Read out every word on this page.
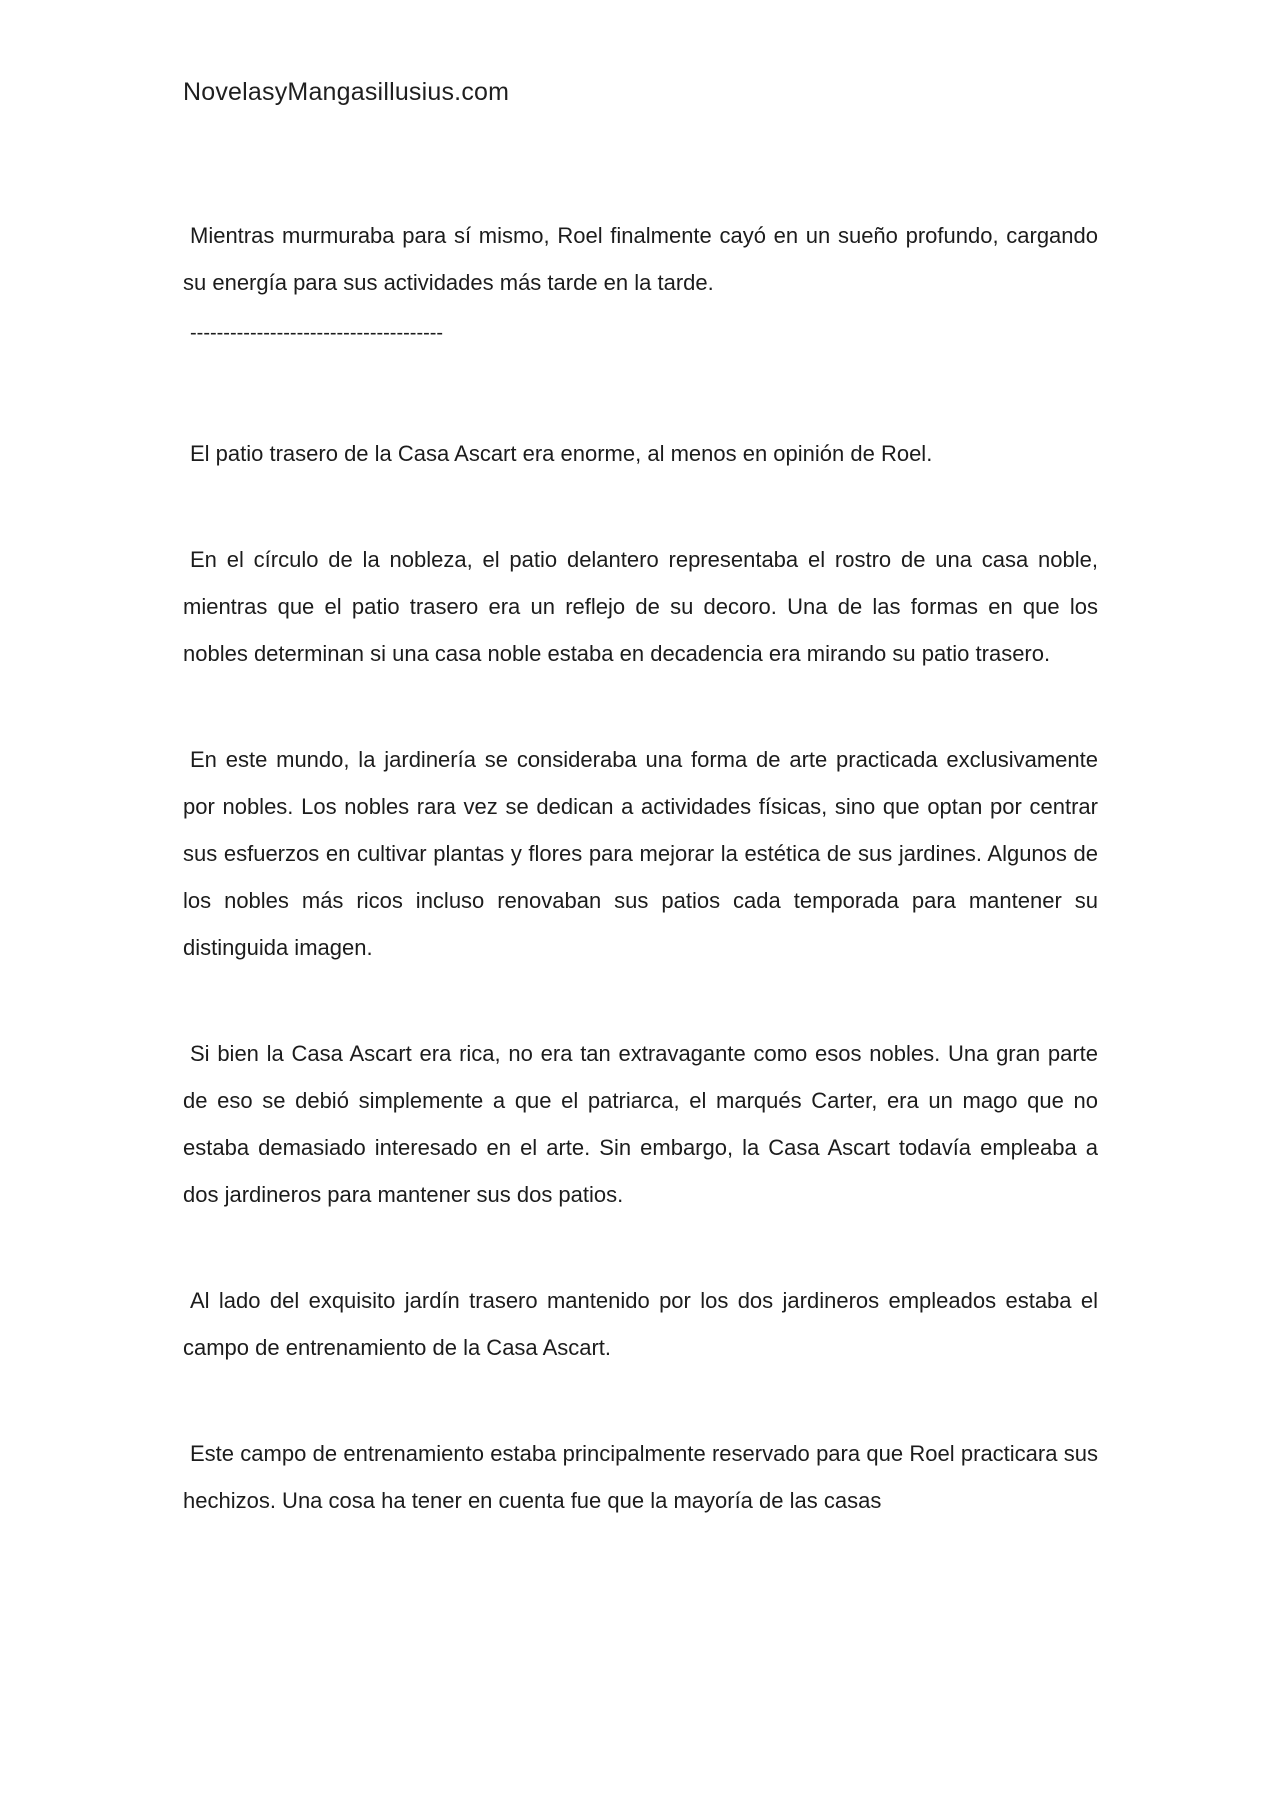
NovelasyMangasillusius.com

Mientras murmuraba para sí mismo, Roel finalmente cayó en un sueño profundo, cargando su energía para sus actividades más tarde en la tarde.

--------------------------------------

El patio trasero de la Casa Ascart era enorme, al menos en opinión de Roel.

En el círculo de la nobleza, el patio delantero representaba el rostro de una casa noble, mientras que el patio trasero era un reflejo de su decoro. Una de las formas en que los nobles determinan si una casa noble estaba en decadencia era mirando su patio trasero.

En este mundo, la jardinería se consideraba una forma de arte practicada exclusivamente por nobles. Los nobles rara vez se dedican a actividades físicas, sino que optan por centrar sus esfuerzos en cultivar plantas y flores para mejorar la estética de sus jardines. Algunos de los nobles más ricos incluso renovaban sus patios cada temporada para mantener su distinguida imagen.

Si bien la Casa Ascart era rica, no era tan extravagante como esos nobles. Una gran parte de eso se debió simplemente a que el patriarca, el marqués Carter, era un mago que no estaba demasiado interesado en el arte. Sin embargo, la Casa Ascart todavía empleaba a dos jardineros para mantener sus dos patios.

Al lado del exquisito jardín trasero mantenido por los dos jardineros empleados estaba el campo de entrenamiento de la Casa Ascart.

Este campo de entrenamiento estaba principalmente reservado para que Roel practicara sus hechizos. Una cosa ha tener en cuenta fue que la mayoría de las casas
